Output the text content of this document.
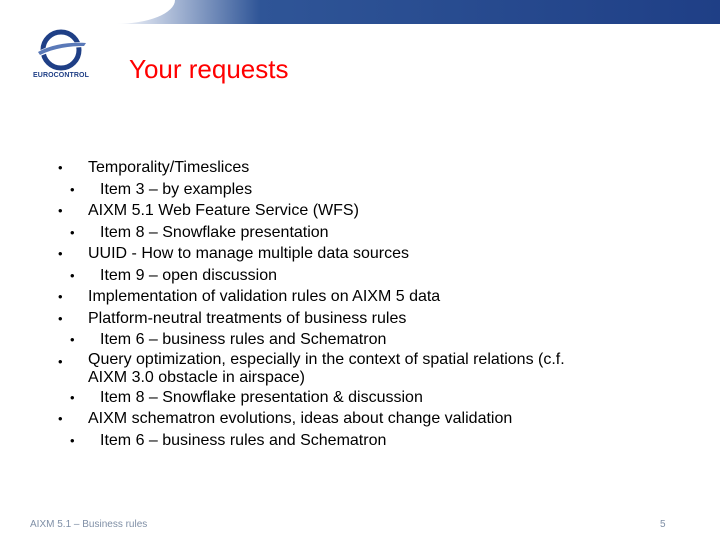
EUROCONTROL Your requests
•	Temporality/Timeslices
•	Item 3 – by examples
•	AIXM 5.1 Web Feature Service (WFS)
•	Item 8 – Snowflake presentation
•	UUID - How to manage multiple data sources
•	Item 9 – open discussion
•	Implementation of validation rules on AIXM 5 data
•	Platform-neutral treatments of business rules
•	Item 6 – business rules and Schematron
•	Query optimization, especially in the context of spatial relations (c.f.
AIXM 3.0 obstacle in airspace)
•	Item 8 – Snowflake presentation & discussion
•	AIXM schematron evolutions, ideas about change validation
•	Item 6 – business rules and Schematron
AIXM 5.1 – Business rules	5
